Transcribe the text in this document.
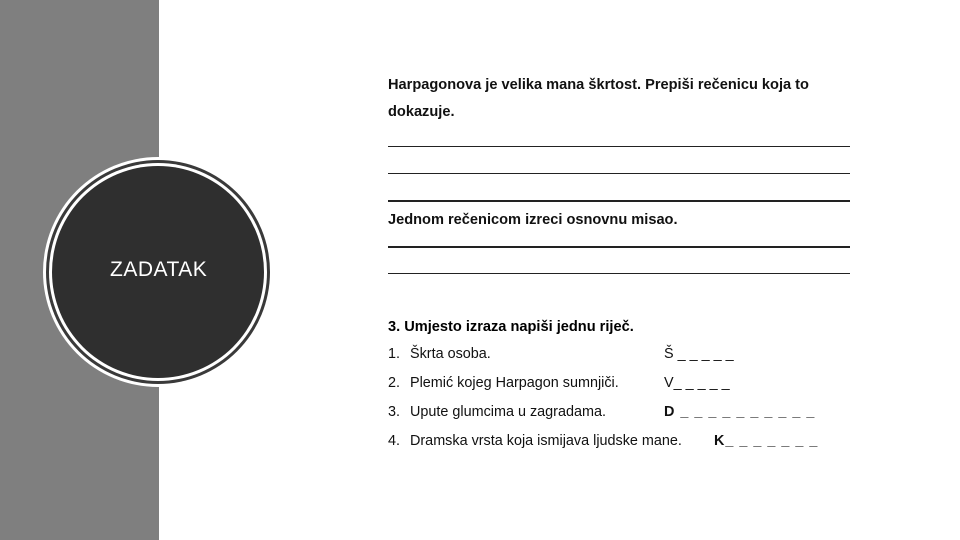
ZADATAK

Harpagonova je velika mana škrtost. Prepiši rečenicu koja to

dokazuje.

Jednom rečenicom izreci osnovnu misao.

3. Umjesto izraza napiši jednu riječ.

1. Škrta osoba.	Š _ _ _ _ _
2. Plemić kojeg Harpagon sumnjiči.	V_ _ _ _ _
3. Upute glumcima u zagradama.	D _ _ _ _ _ _ _ _ _ _
4. Dramska vrsta koja ismijava ljudske mane. K_ _ _ _ _ _ _
